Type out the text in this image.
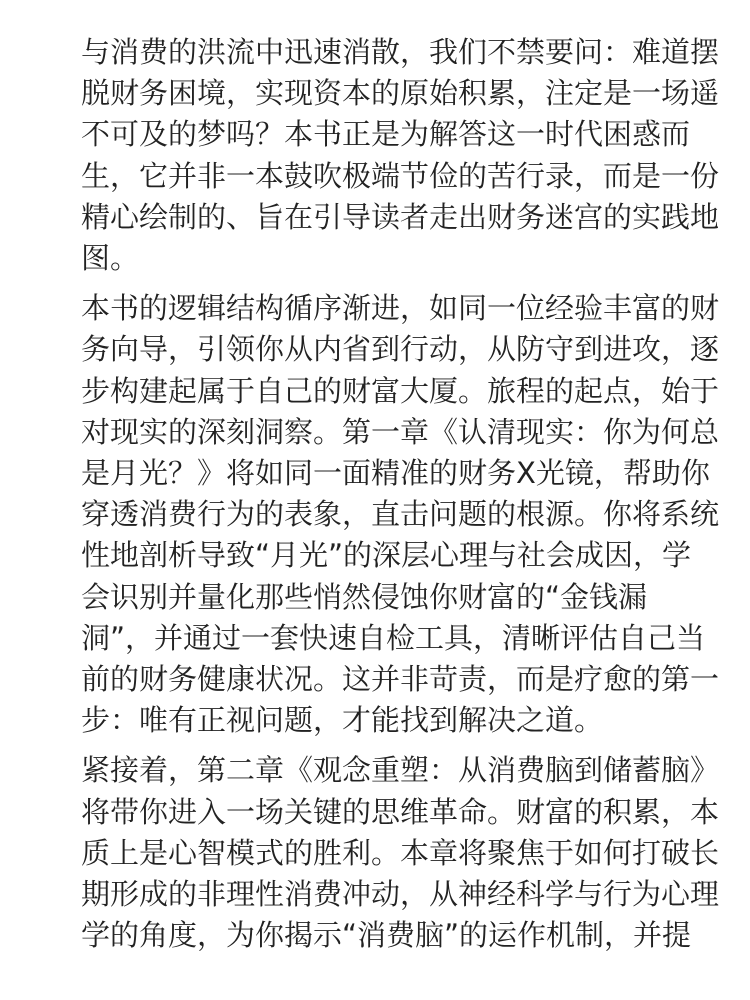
与消费的洪流中迅速消散，我们不禁要问：难道摆
脱财务困境，实现资本的原始积累，注定是一场遥
不可及的梦吗？本书正是为解答这一时代困惑而
生，它并非一本鼓吹极端节俭的苦行录，而是一份
精心绘制的、旨在引导读者走出财务迷宫的实践地
图。
本书的逻辑结构循序渐进，如同一位经验丰富的财
务向导，引领你从内省到行动，从防守到进攻，逐
步构建起属于自己的财富大厦。旅程的起点，始于
对现实的深刻洞察。第一章《认清现实：你为何总
是月光？》将如同一面精准的财务X光镜，帮助你
穿透消费行为的表象，直击问题的根源。你将系统
性地剖析导致“月光”的深层心理与社会成因，学
会识别并量化那些悄然侵蚀你财富的“金钱漏
洞”，并通过一套快速自检工具，清晰评估自己当
前的财务健康状况。这并非苛责，而是疗愈的第一
步：唯有正视问题，才能找到解决之道。
紧接着，第二章《观念重塑：从消费脑到储蓄脑》
将带你进入一场关键的思维革命。财富的积累，本
质上是心智模式的胜利。本章将聚焦于如何打破长
期形成的非理性消费冲动，从神经科学与行为心理
学的角度，为你揭示“消费脑”的运作机制，并提
